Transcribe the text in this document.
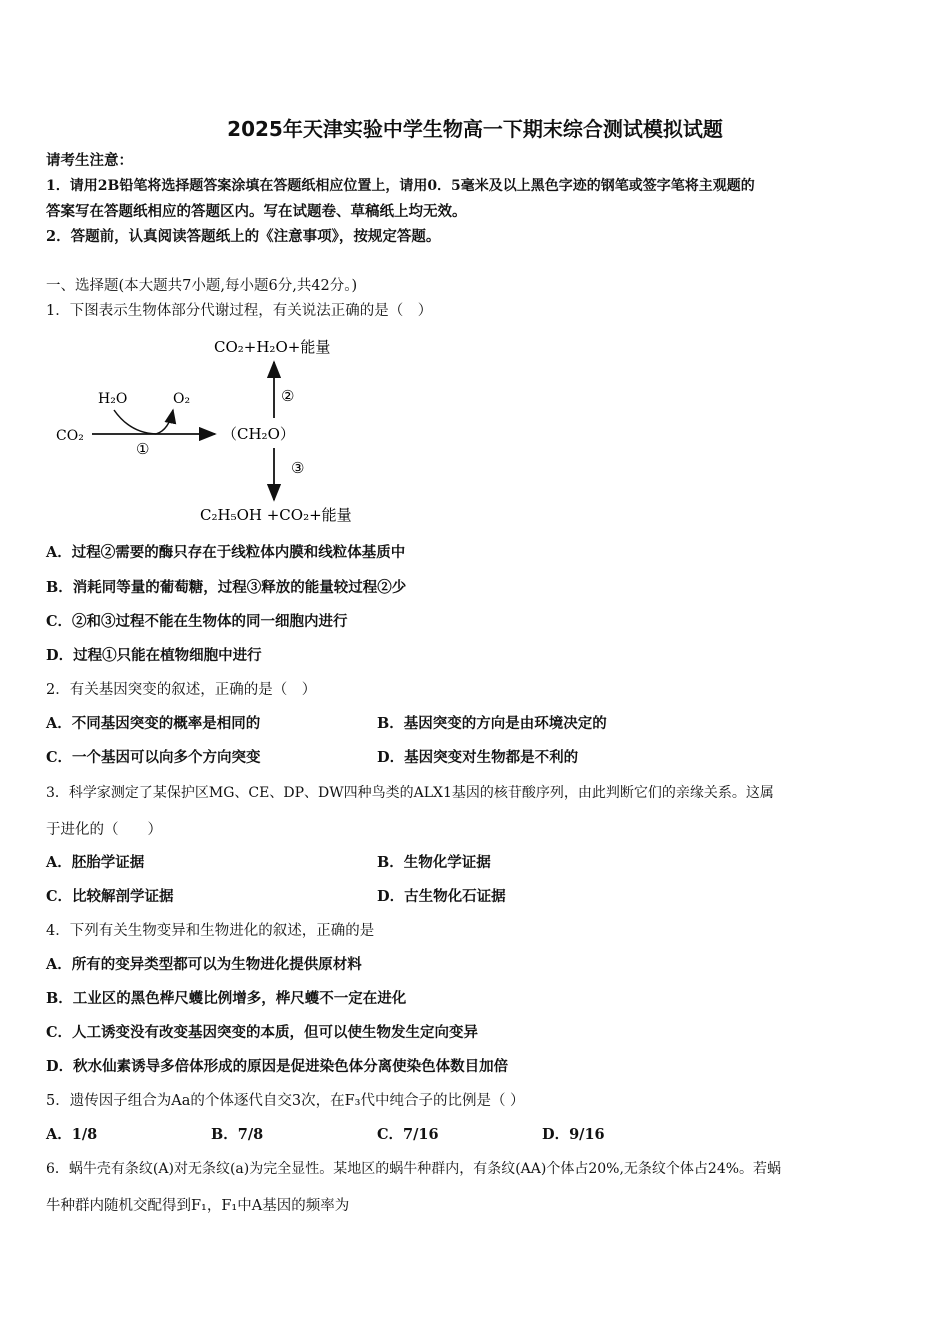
2025年天津实验中学生物高一下期末综合测试模拟试题
请考生注意：
1．请用2B铅笔将选择题答案涂填在答题纸相应位置上，请用0．5毫米及以上黑色字迹的钢笔或签字笔将主观题的
答案写在答题纸相应的答题区内。写在试题卷、草稿纸上均无效。
2．答题前，认真阅读答题纸上的《注意事项》，按规定答题。
一、选择题(本大题共7小题,每小题6分,共42分。)
1．下图表示生物体部分代谢过程，有关说法正确的是（　）
CO₂+H₂O+能量
②
H₂O	O₂
CO₂
①
（CH₂O）
③
C₂H₅OH +CO₂+能量
A．过程②需要的酶只存在于线粒体内膜和线粒体基质中
B．消耗同等量的葡萄糖，过程③释放的能量较过程②少
C．②和③过程不能在生物体的同一细胞内进行
D．过程①只能在植物细胞中进行
2．有关基因突变的叙述，正确的是（　）
A．不同基因突变的概率是相同的	B．基因突变的方向是由环境决定的
C．一个基因可以向多个方向突变	D．基因突变对生物都是不利的
3．科学家测定了某保护区MG、CE、DP、DW四种鸟类的ALX1基因的核苷酸序列，由此判断它们的亲缘关系。这属
于进化的（　　）
A．胚胎学证据	B．生物化学证据
C．比较解剖学证据	D．古生物化石证据
4．下列有关生物变异和生物进化的叙述，正确的是
A．所有的变异类型都可以为生物进化提供原材料
B．工业区的黑色桦尺蠖比例增多，桦尺蠖不一定在进化
C．人工诱变没有改变基因突变的本质，但可以使生物发生定向变异
D．秋水仙素诱导多倍体形成的原因是促进染色体分离使染色体数目加倍
5．遗传因子组合为Aa的个体逐代自交3次，在F₃代中纯合子的比例是（ ）
A．1/8	B．7/8	C．7/16	D．9/16
6．蜗牛壳有条纹(A)对无条纹(a)为完全显性。某地区的蜗牛种群内，有条纹(AA)个体占20%,无条纹个体占24%。若蜗
牛种群内随机交配得到F₁，F₁中A基因的频率为
